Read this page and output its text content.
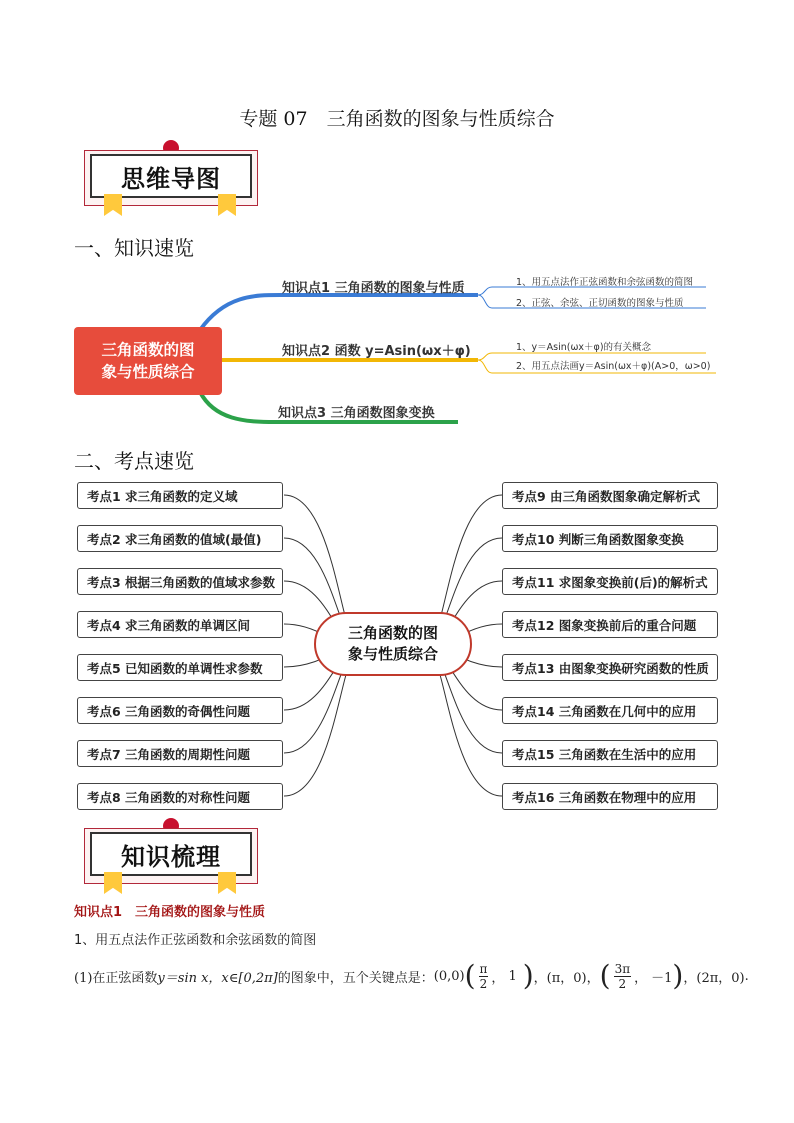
专题 07　三角函数的图象与性质综合
思维导图
一、知识速览
三角函数的图
象与性质综合
知识点1 三角函数的图象与性质	1、用五点法作正弦函数和余弦函数的简图
2、正弦、余弦、正切函数的图象与性质
知识点2 函数 y=Asin(ωx＋φ)	1、y＝Asin(ωx＋φ)的有关概念
2、用五点法画y＝Asin(ωx＋φ)(A>0，ω>0)
知识点3 三角函数图象变换
二、考点速览
三角函数的图
象与性质综合
考点1 求三角函数的定义域
考点2 求三角函数的值域(最值)
考点3 根据三角函数的值域求参数
考点4 求三角函数的单调区间
考点5 已知函数的单调性求参数
考点6 三角函数的奇偶性问题
考点7 三角函数的周期性问题
考点8 三角函数的对称性问题
考点9 由三角函数图象确定解析式
考点10 判断三角函数图象变换
考点11 求图象变换前(后)的解析式
考点12 图象变换前后的重合问题
考点13 由图象变换研究函数的性质
考点14 三角函数在几何中的应用
考点15 三角函数在生活中的应用
考点16 三角函数在物理中的应用
知识梳理
知识点1　三角函数的图象与性质
1、用五点法作正弦函数和余弦函数的简图
(1)在正弦函数 y＝sin x，x∈[0,2π] 的图象中，五个关键点是： (0,0) ( $\frac{\pi}{2}$ ， 1 ) ， (π，0) ， ( $\frac{3\pi}{2}$ ， －1 ) ， (2π，0) .
